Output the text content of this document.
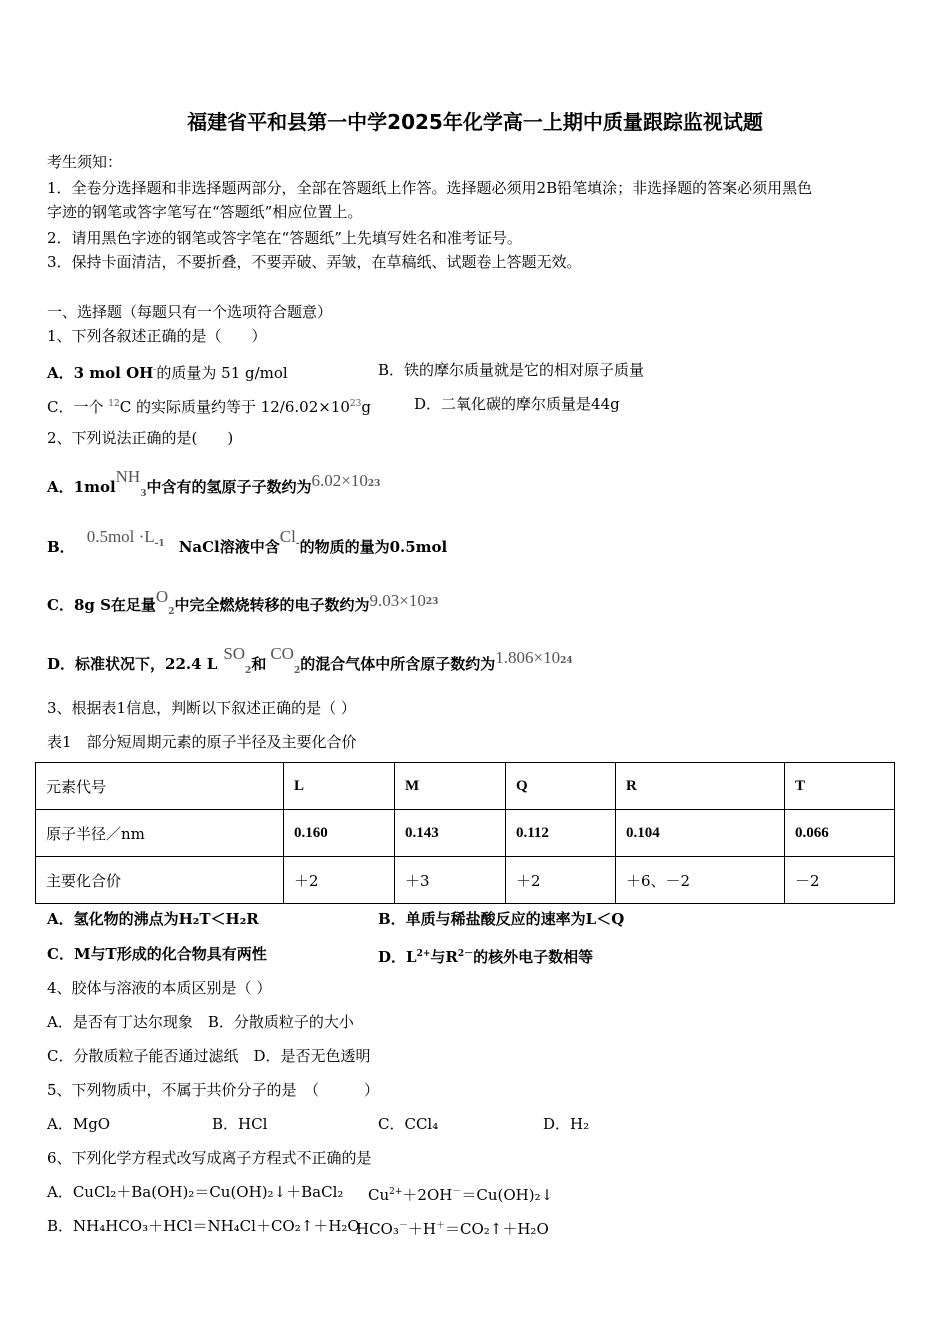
福建省平和县第一中学2025年化学高一上期中质量跟踪监视试题
考生须知：
1．全卷分选择题和非选择题两部分，全部在答题纸上作答。选择题必须用2B铅笔填涂；非选择题的答案必须用黑色
字迹的钢笔或答字笔写在“答题纸”相应位置上。
2．请用黑色字迹的钢笔或答字笔在“答题纸”上先填写姓名和准考证号。
3．保持卡面清洁，不要折叠，不要弄破、弄皱，在草稿纸、试题卷上答题无效。
一、选择题（每题只有一个选项符合题意）
1、下列各叙述正确的是（　　）
A．3 mol OH-的质量为 51 g/mol	B．铁的摩尔质量就是它的相对原子质量
C．一个 $^{12}$C 的实际质量约等于 $12/6.02\times 10^{23}g$	D．二氧化碳的摩尔质量是44g
2、下列说法正确的是(　　)
A．1molNH$_3$中含有的氢原子子数约为$6.02\times 10^{23}$
B．$0.5mol \cdot L^{-1}$ NaCl溶液中含Cl-的物质的量为0.5mol
C．8g S在足量$O_2$中完全燃烧转移的电子数约为$9.03\times 10^{23}$
D．标准状况下，22.4 $LSO_2$和$CO_2$的混合气体中所含原子数约为$1.806\times 10^{24}$
3、根据表1信息，判断以下叙述正确的是（ ）
表1　部分短周期元素的原子半径及主要化合价
元素代号	L	M	Q	R	T
原子半径／nm	0.160	0.143	0.112	0.104	0.066
主要化合价	＋2	＋3	＋2	＋6、－2	－2
A．氢化物的沸点为H₂T＜H₂R	B．单质与稀盐酸反应的速率为L＜Q
C．M与T形成的化合物具有两性	D．$L^{2+}$与$R^{2-}$的核外电子数相等
4、胶体与溶液的本质区别是（ ）
A．是否有丁达尔现象　B．分散质粒子的大小
C．分散质粒子能否通过滤纸　D．是否无色透明
5、下列物质中，不属于共价分子的是　（　　　）
A．MgO	B．HCl	C．CCl₄	D．H₂
6、下列化学方程式改写成离子方程式不正确的是
A．CuCl₂＋Ba(OH)₂＝Cu(OH)₂↓＋BaCl₂ $Cu^{2+}+2OH^-=Cu(OH)_2↓$
B．NH₄HCO₃＋HCl＝NH₄Cl＋CO₂↑＋H₂O
HCO₃－＋H＋＝CO₂↑＋H₂O
